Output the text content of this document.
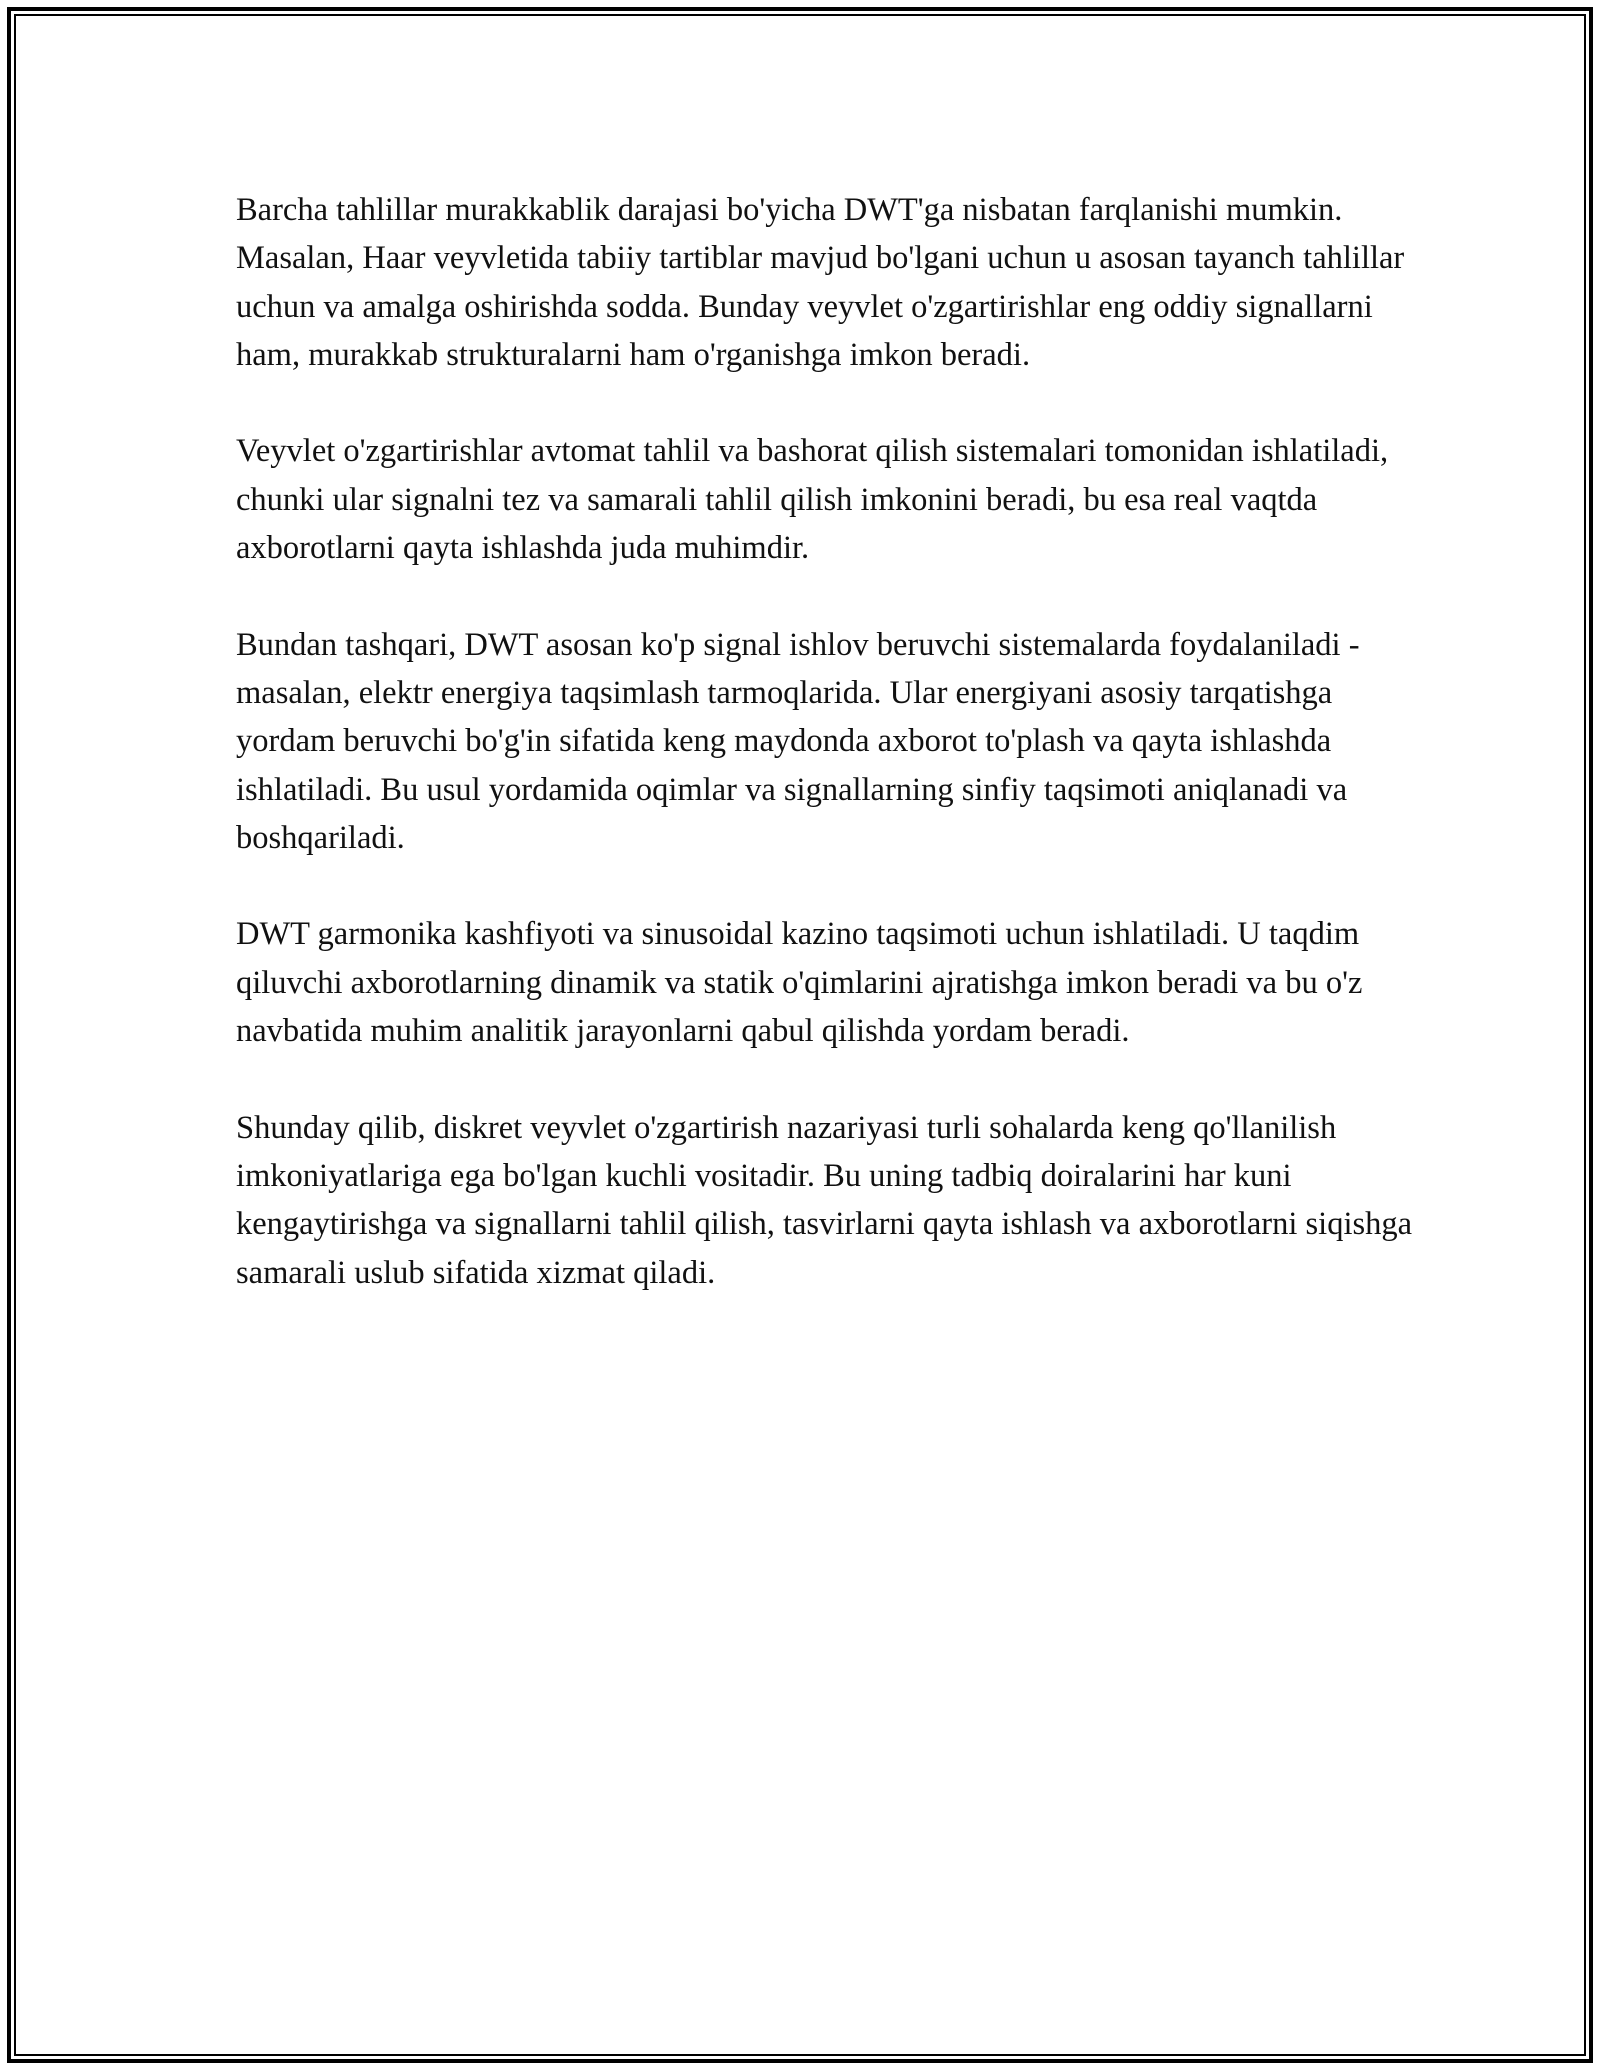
Barcha tahlillar murakkablik darajasi bo'yicha DWT'ga nisbatan farqlanishi mumkin. Masalan, Haar veyvletida tabiiy tartiblar mavjud bo'lgani uchun u asosan tayanch tahlillar uchun va amalga oshirishda sodda. Bunday veyvlet o'zgartirishlar eng oddiy signallarni ham, murakkab strukturalarni ham o'rganishga imkon beradi.

Veyvlet o'zgartirishlar avtomat tahlil va bashorat qilish sistemalari tomonidan ishlatiladi, chunki ular signalni tez va samarali tahlil qilish imkonini beradi, bu esa real vaqtda axborotlarni qayta ishlashda juda muhimdir.

Bundan tashqari, DWT asosan ko'p signal ishlov beruvchi sistemalarda foydalaniladi - masalan, elektr energiya taqsimlash tarmoqlarida. Ular energiyani asosiy tarqatishga yordam beruvchi bo'g'in sifatida keng maydonda axborot to'plash va qayta ishlashda ishlatiladi. Bu usul yordamida oqimlar va signallarning sinfiy taqsimoti aniqlanadi va boshqariladi.

DWT garmonika kashfiyoti va sinusoidal kazino taqsimoti uchun ishlatiladi. U taqdim qiluvchi axborotlarning dinamik va statik o'qimlarini ajratishga imkon beradi va bu o'z navbatida muhim analitik jarayonlarni qabul qilishda yordam beradi.

Shunday qilib, diskret veyvlet o'zgartirish nazariyasi turli sohalarda keng qo'llanilish imkoniyatlariga ega bo'lgan kuchli vositadir. Bu uning tadbiq doiralarini har kuni kengaytirishga va signallarni tahlil qilish, tasvirlarni qayta ishlash va axborotlarni siqishga samarali uslub sifatida xizmat qiladi.
